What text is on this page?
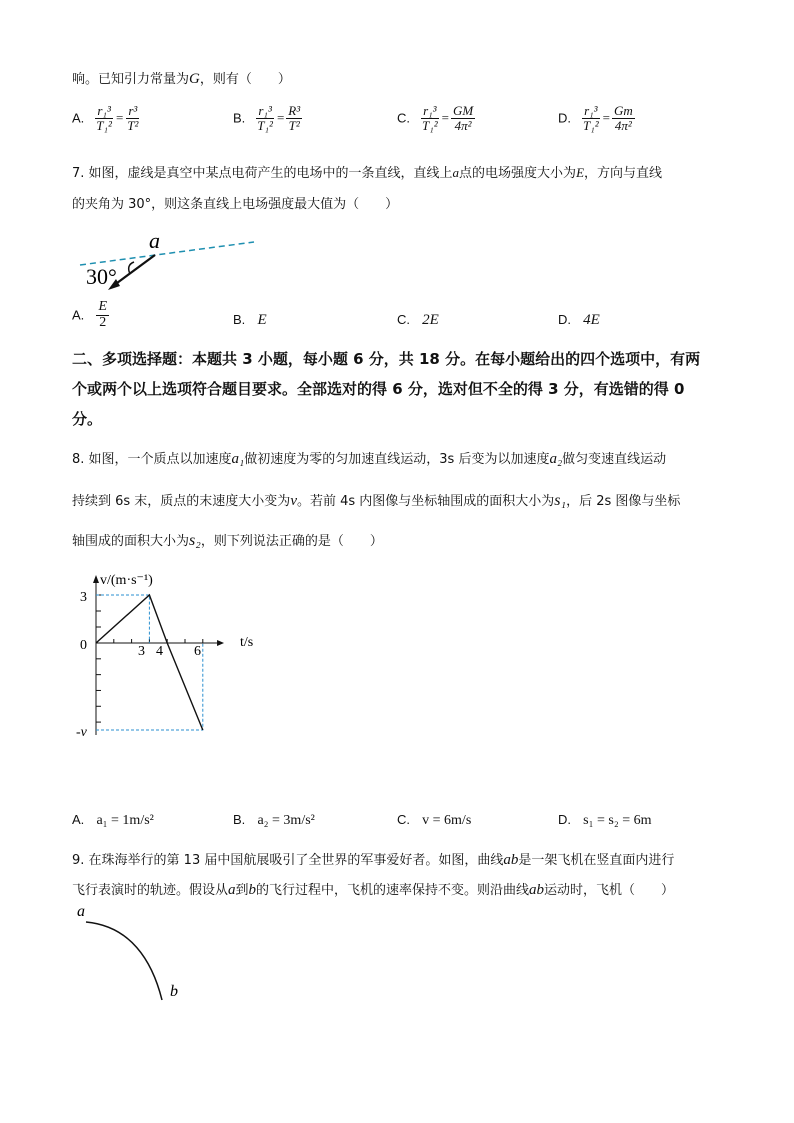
响。已知引力常量为G，则有（　　）
A. $\frac{\text{r₁³}}{\text{T₁²}} = \frac{\text{r³}}{\text{T²}}$	B. $\frac{\text{r₁³}}{\text{T₁²}} = \frac{\text{R³}}{\text{T²}}$	C. $\frac{\text{r₁³}}{\text{T₁²}} = \frac{GM}{\text{4π²}}$	D. $\frac{\text{r₁³}}{\text{T₁²}} = \frac{Gm}{\text{4π²}}$
7. 如图，虚线是真空中某点电荷产生的电场中的一条直线，直线上a点的电场强度大小为E，方向与直线
的夹角为 30°，则这条直线上电场强度最大值为（　　）
a
30°
A. $\frac{E}{2}$	B. E	C. 2E	D. 4E
二、多项选择题：本题共 3 小题，每小题 6 分，共 18 分。在每小题给出的四个选项中，有两
个或两个以上选项符合题目要求。全部选对的得 6 分，选对但不全的得 3 分，有选错的得 0
分。
8. 如图，一个质点以加速度a₁做初速度为零的匀加速直线运动，3s 后变为以加速度a₂做匀变速直线运动
持续到 6s 末，质点的末速度大小变为v。若前 4s 内图像与坐标轴围成的面积大小为s₁，后 2s 图像与坐标
轴围成的面积大小为s₂，则下列说法正确的是（　　）
v/(m·s⁻¹)
t/s
3
0
-v
3 4 6
A. a₁ = 1m/s²	B. a₂ = 3m/s²	C. v = 6m/s	D. s₁ = s₂ = 6m
9. 在珠海举行的第 13 届中国航展吸引了全世界的军事爱好者。如图，曲线ab是一架飞机在竖直面内进行
飞行表演时的轨迹。假设从a到b的飞行过程中，飞机的速率保持不变。则沿曲线ab运动时，飞机（　　）
a
b
